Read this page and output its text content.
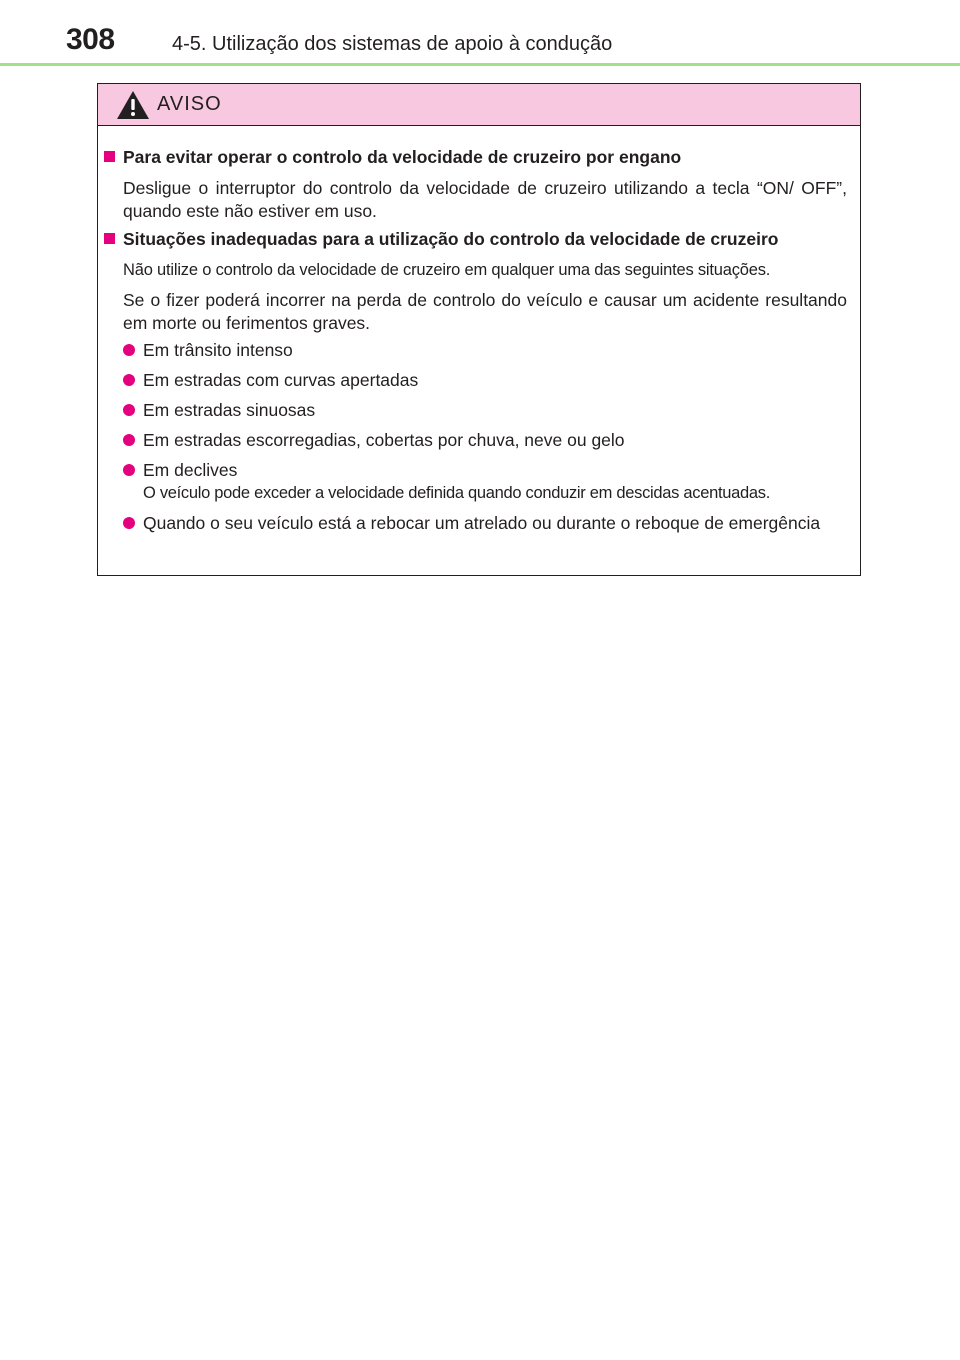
308	4-5. Utilização dos sistemas de apoio à condução
AVISO
Para evitar operar o controlo da velocidade de cruzeiro por engano
Desligue o interruptor do controlo da velocidade de cruzeiro utilizando a tecla “ON/ OFF”, quando este não estiver em uso.
Situações inadequadas para a utilização do controlo da velocidade de cruzeiro
Não utilize o controlo da velocidade de cruzeiro em qualquer uma das seguintes situações.
Se o fizer poderá incorrer na perda de controlo do veículo e causar um acidente resultando em morte ou ferimentos graves.
Em trânsito intenso
Em estradas com curvas apertadas
Em estradas sinuosas
Em estradas escorregadias, cobertas por chuva, neve ou gelo
Em declives
O veículo pode exceder a velocidade definida quando conduzir em descidas acentuadas.
Quando o seu veículo está a rebocar um atrelado ou durante o reboque de emergência
